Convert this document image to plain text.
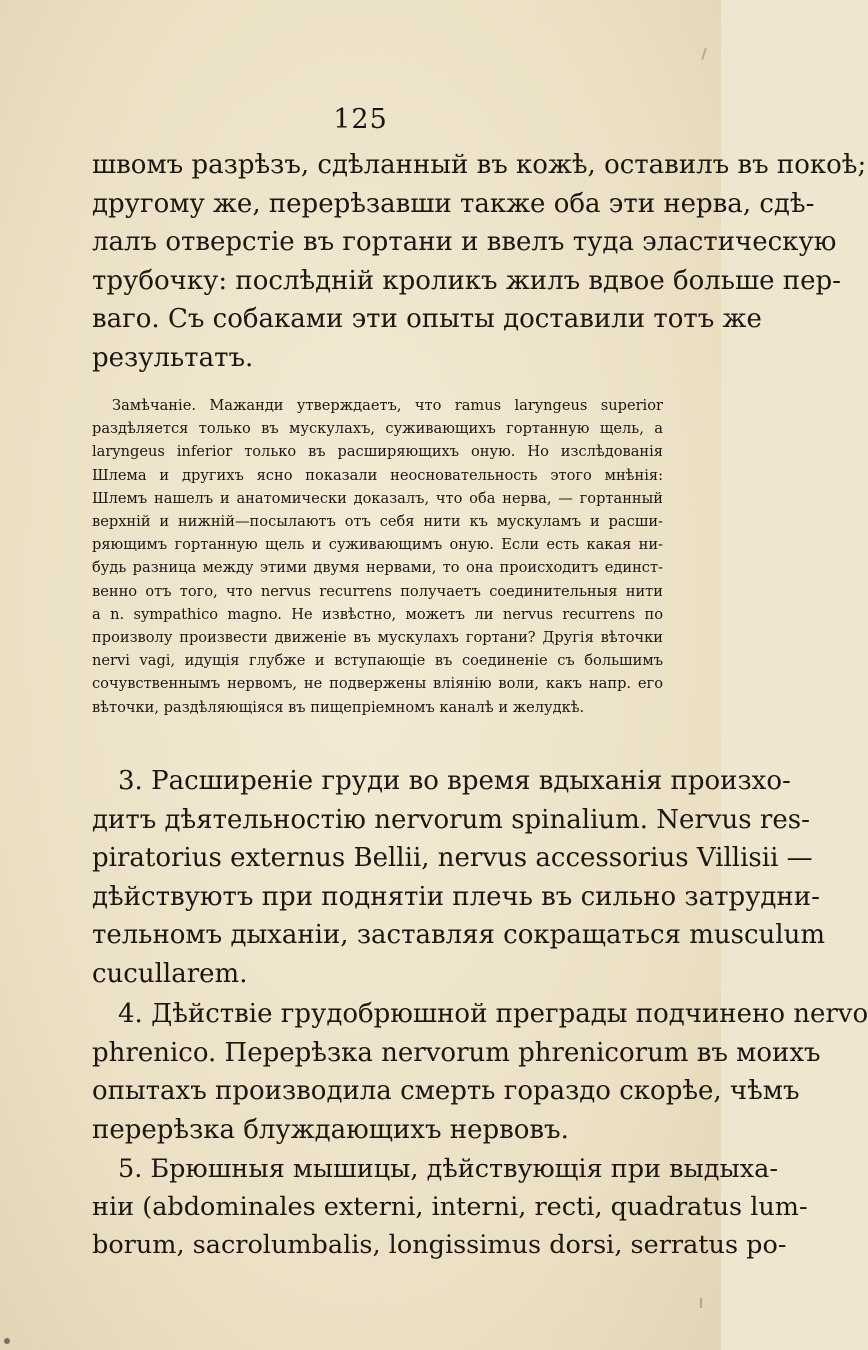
125
швомъ разрѣзъ, сдѣланный въ кожѣ, оставилъ въ покоѣ;
другому же, перерѣзавши также оба эти нерва, сдѣ-
лалъ отверстіе въ гортани и ввелъ туда эластическую
трубочку: послѣдній кроликъ жилъ вдвое больше пер-
ваго. Съ собаками эти опыты доставили тотъ же
результатъ.
Замѣчаніе. Мажанди утверждаетъ, что ramus laryngeus superior
раздѣляется только въ мускулахъ, суживающихъ гортанную щель, а
laryngeus inferior только въ расширяющихъ оную. Но изслѣдованія
Шлема и другихъ ясно показали неосновательность этого мнѣнія:
Шлемъ нашелъ и анатомически доказалъ, что оба нерва, — гортанный
верхній и нижній—посылаютъ отъ себя нити къ мускуламъ и расши-
ряющимъ гортанную щель и суживающимъ оную. Если есть какая ни-
будь разница между этими двумя нервами, то она происходитъ единст-
венно отъ того, что nervus recurrens получаетъ соединительныя нити
a n. sympathico magno. Не извѣстно, можетъ ли nervus recurrens по
произволу произвести движеніе въ мускулахъ гортани? Другія вѣточки
nervi vagi, идущія глубже и вступающіе въ соединеніе съ большимъ
сочувственнымъ нервомъ, не подвержены вліянію воли, какъ напр. его
вѣточки, раздѣляющіяся въ пищепріемномъ каналѣ и желудкѣ.
3. Расширеніе груди во время вдыханія произхо-
дитъ дѣятельностію nervorum spinalium. Nervus res-
piratorius externus Bellii, nervus accessorius Villisii —
дѣйствуютъ при поднятіи плечь въ сильно затрудни-
тельномъ дыханіи, заставляя сокращаться musculum
cucullarem.
4. Дѣйствіе грудобрюшной преграды подчинено nervo
phrenico. Перерѣзка nervorum phrenicorum въ моихъ
опытахъ производила смерть гораздо скорѣе, чѣмъ
перерѣзка блуждающихъ нервовъ.
5. Брюшныя мышицы, дѣйствующія при выдыха-
ніи (abdominales externi, interni, recti, quadratus lum-
borum, sacrolumbalis, longissimus dorsi, serratus po-
